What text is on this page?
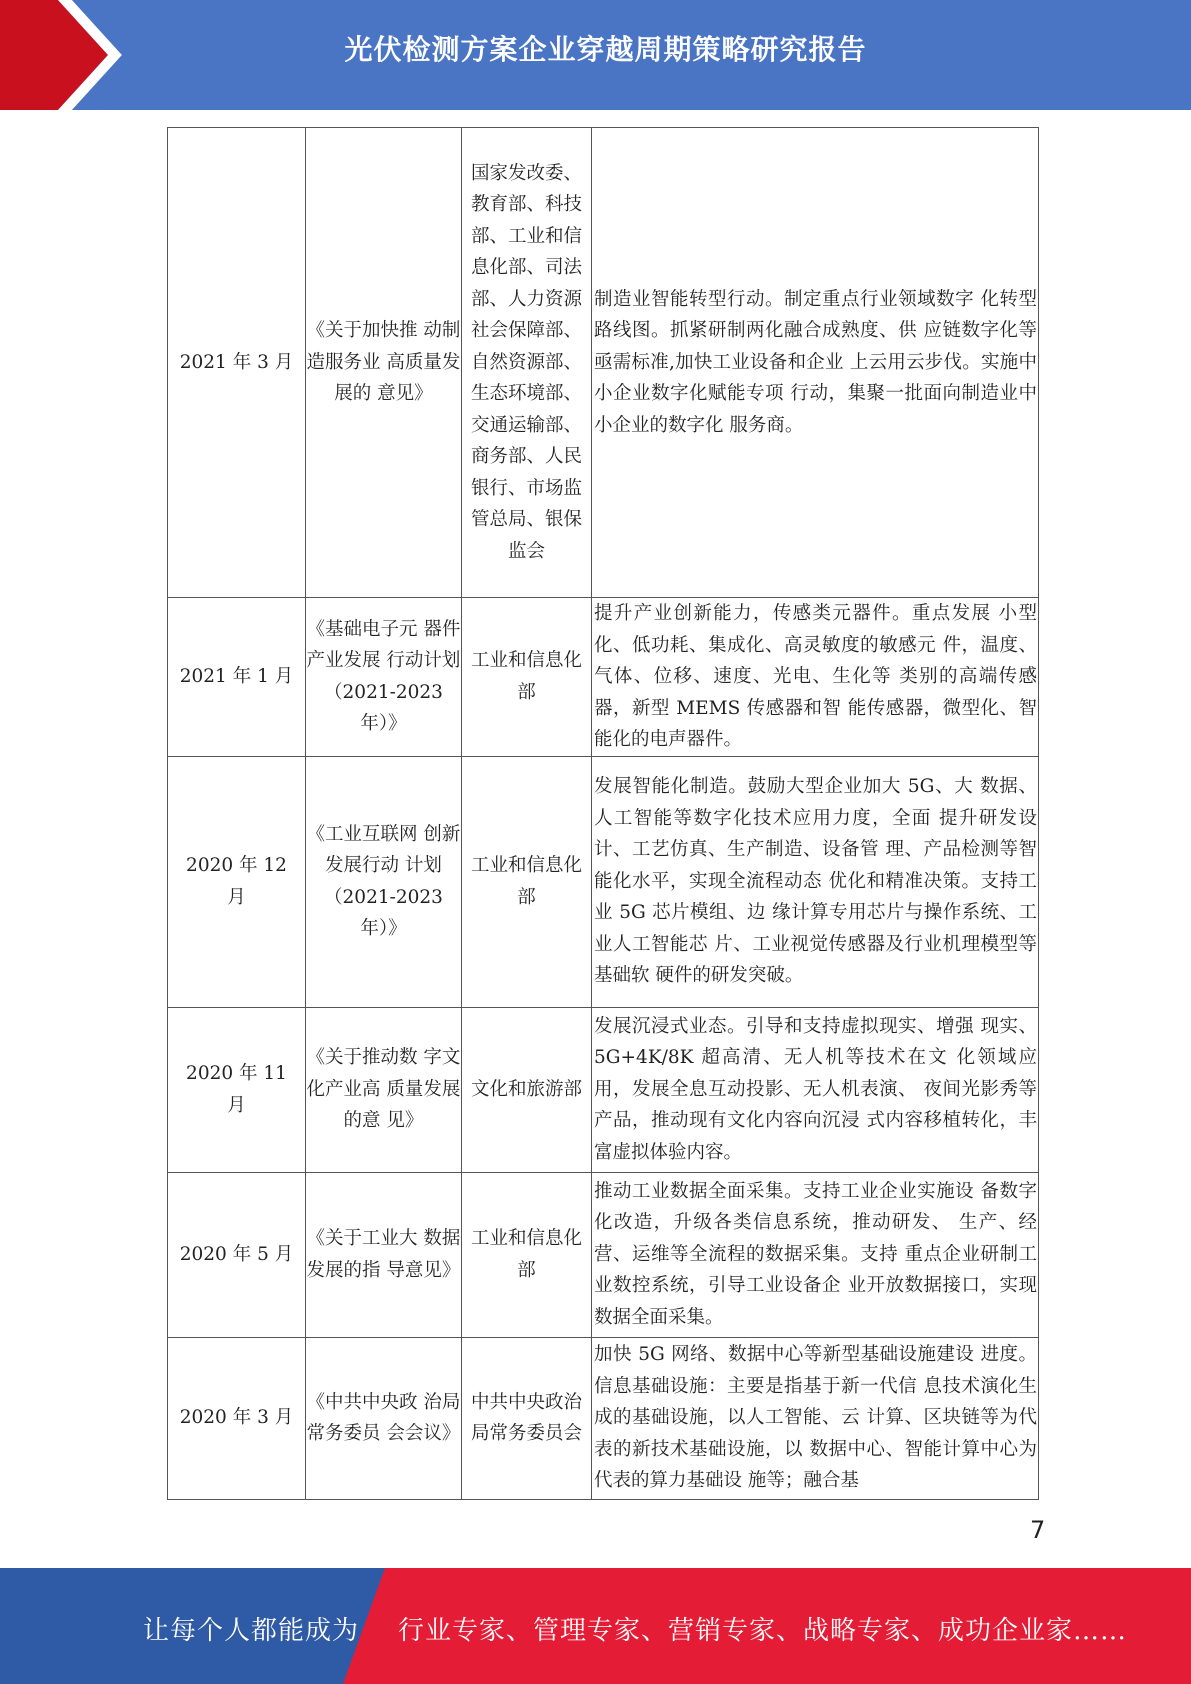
光伏检测方案企业穿越周期策略研究报告
2021 年 3 月	《关于加快推 动制造服务业 高质量发展的 意见》	国家发改委、教育部、科技部、工业和信息化部、司法部、人力资源社会保障部、自然资源部、生态环境部、交通运输部、商务部、人民银行、市场监管总局、银保监会	制造业智能转型行动。制定重点行业领域数字 化转型路线图。抓紧研制两化融合成熟度、供 应链数字化等亟需标准,加快工业设备和企业 上云用云步伐。实施中小企业数字化赋能专项 行动，集聚一批面向制造业中小企业的数字化 服务商。
2021 年 1 月	《基础电子元 器件产业发展 行动计划 （2021-2023 年）》	工业和信息化部	提升产业创新能力，传感类元器件。重点发展 小型化、低功耗、集成化、高灵敏度的敏感元 件，温度、气体、位移、速度、光电、生化等 类别的高端传感器，新型 MEMS 传感器和智 能传感器，微型化、智能化的电声器件。
2020 年 12 月	《工业互联网 创新发展行动 计划 （2021-2023 年）》	工业和信息化部	发展智能化制造。鼓励大型企业加大 5G、大 数据、人工智能等数字化技术应用力度，全面 提升研发设计、工艺仿真、生产制造、设备管 理、产品检测等智能化水平，实现全流程动态 优化和精准决策。支持工业 5G 芯片模组、边 缘计算专用芯片与操作系统、工业人工智能芯 片、工业视觉传感器及行业机理模型等基础软 硬件的研发突破。
2020 年 11 月	《关于推动数 字文化产业高 质量发展的意 见》	文化和旅游部	发展沉浸式业态。引导和支持虚拟现实、增强 现实、5G+4K/8K 超高清、无人机等技术在文 化领域应用，发展全息互动投影、无人机表演、 夜间光影秀等产品，推动现有文化内容向沉浸 式内容移植转化，丰富虚拟体验内容。
2020 年 5 月	《关于工业大 数据发展的指 导意见》	工业和信息化部	推动工业数据全面采集。支持工业企业实施设 备数字化改造，升级各类信息系统，推动研发、 生产、经营、运维等全流程的数据采集。支持 重点企业研制工业数控系统，引导工业设备企 业开放数据接口，实现数据全面采集。
2020 年 3 月	《中共中央政 治局常务委员 会会议》	中共中央政治局常务委员会	加快 5G 网络、数据中心等新型基础设施建设 进度。信息基础设施：主要是指基于新一代信 息技术演化生成的基础设施，以人工智能、云 计算、区块链等为代表的新技术基础设施，以 数据中心、智能计算中心为代表的算力基础设 施等；融合基
7
让每个人都能成为 行业专家、管理专家、营销专家、战略专家、成功企业家……
